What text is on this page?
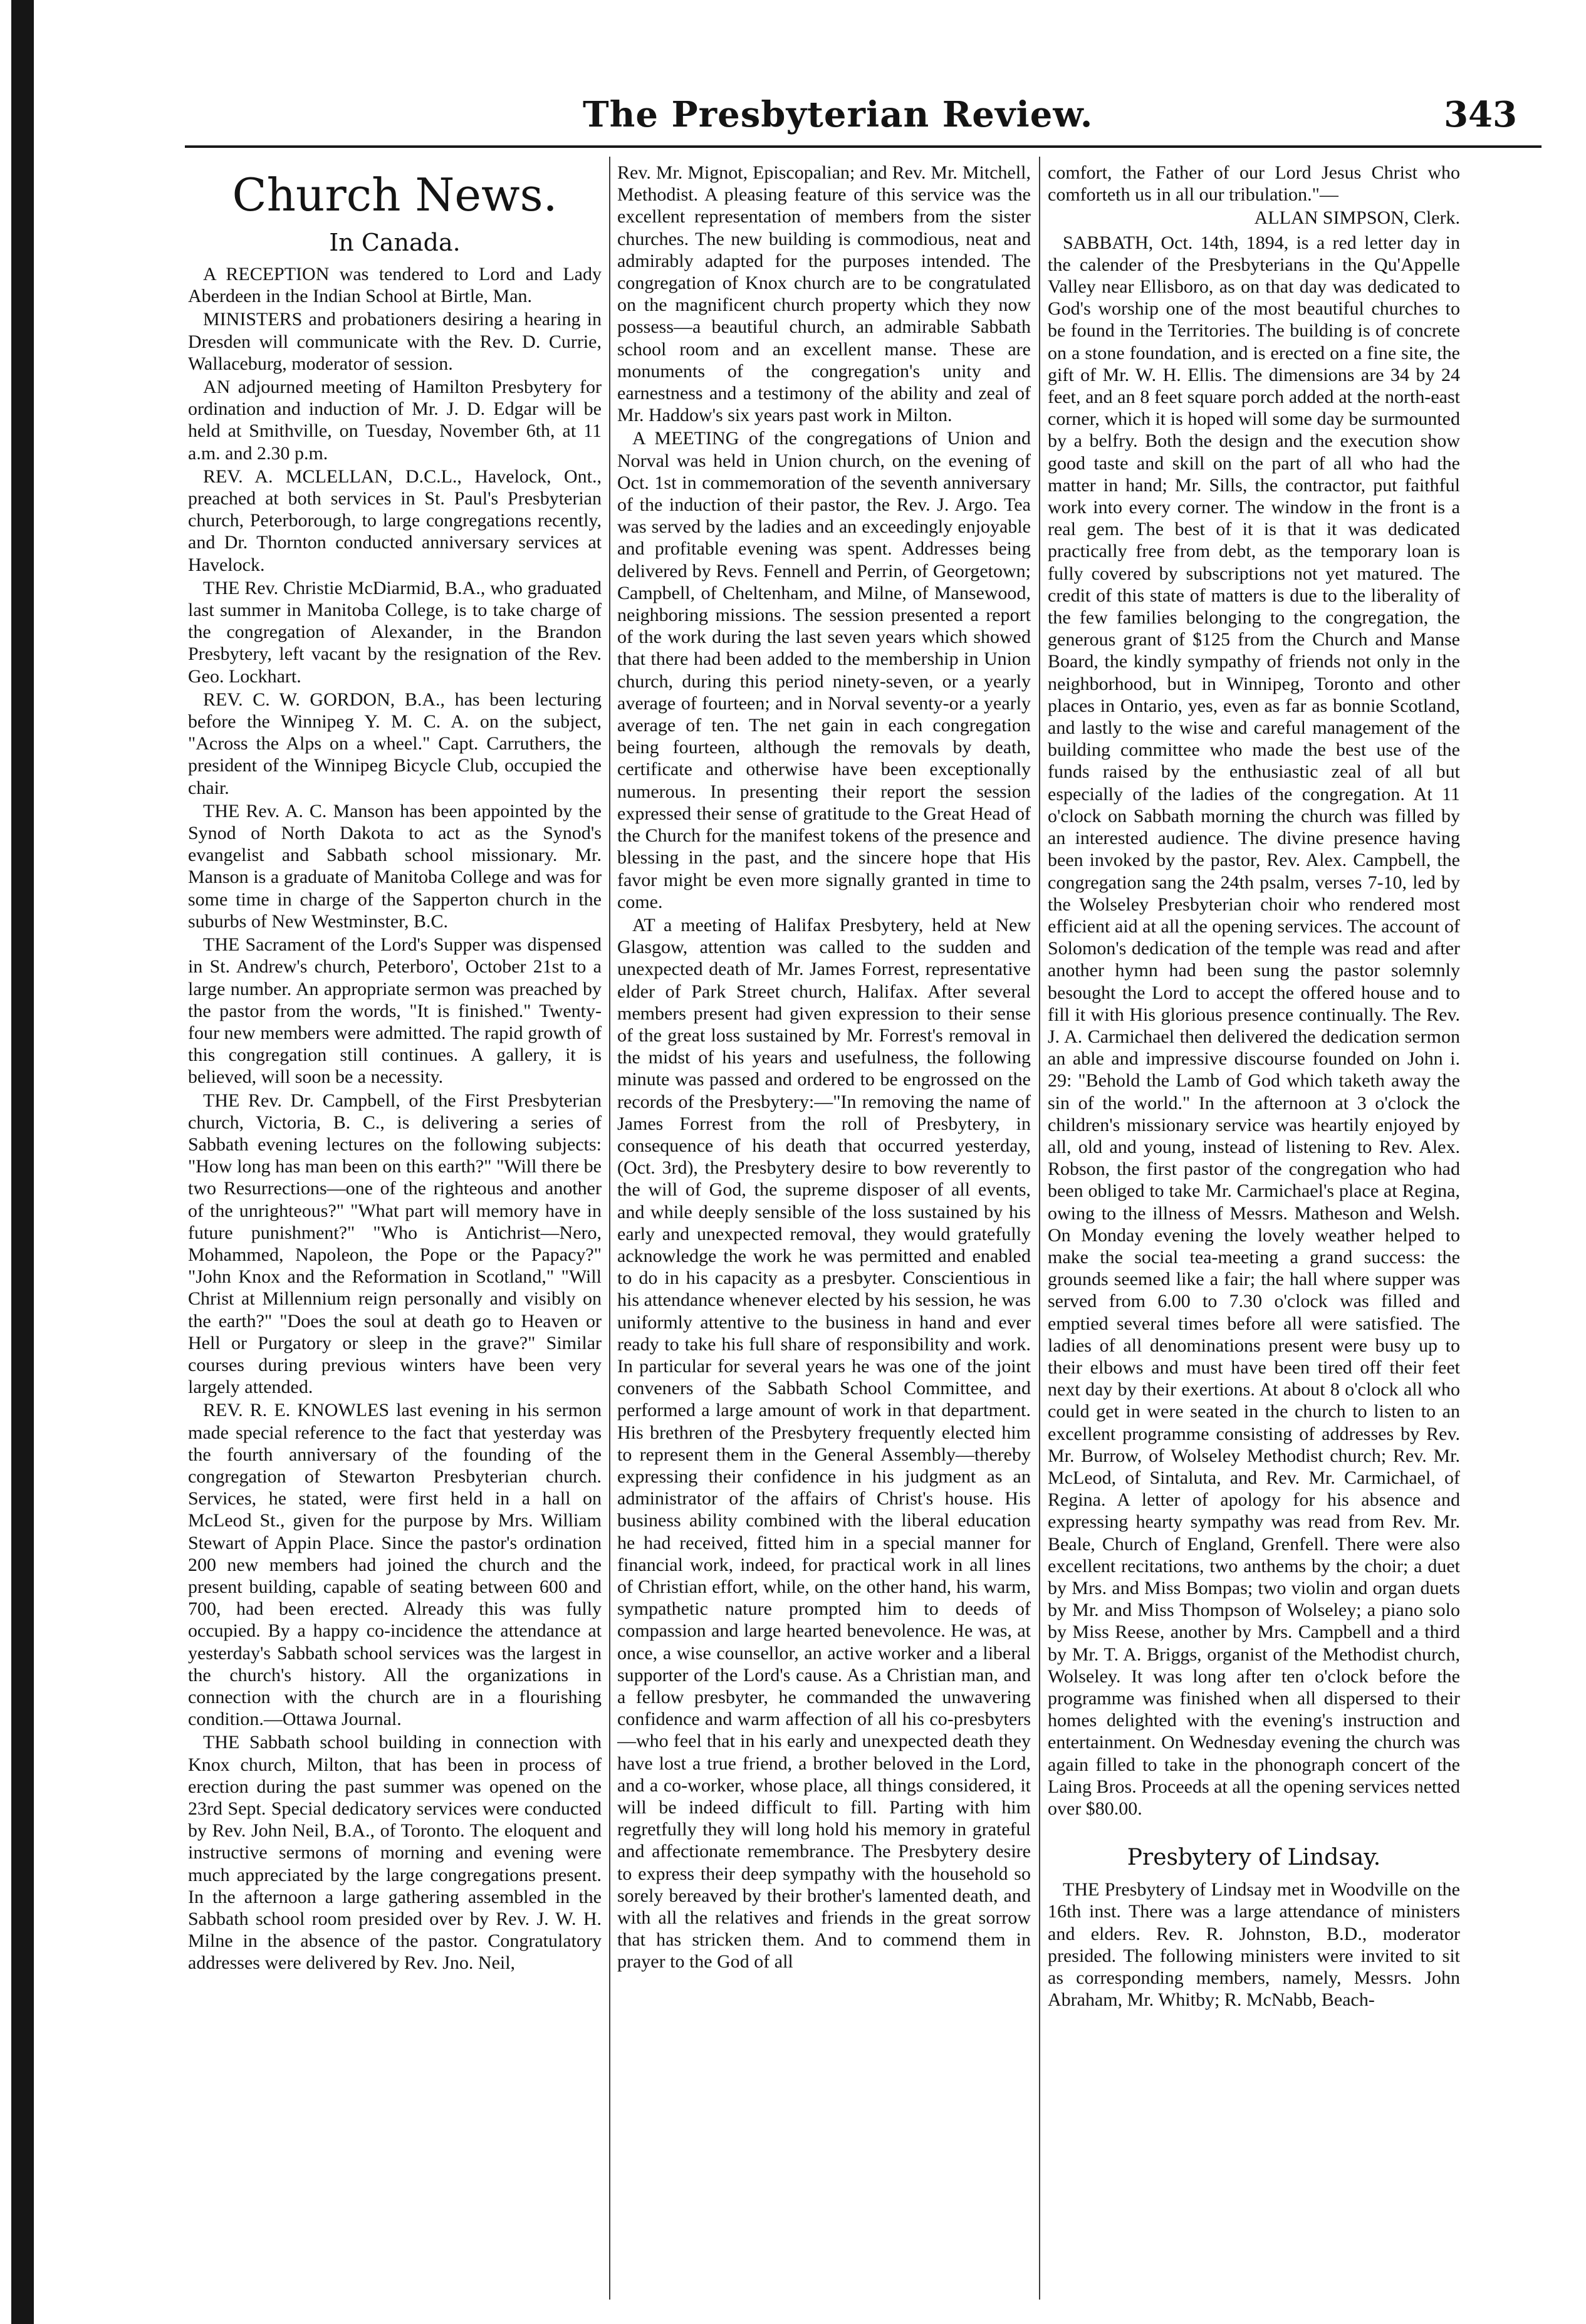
The Presbyterian Review.	343
Church News.
In Canada.

A RECEPTION was tendered to Lord and Lady Aberdeen in the Indian School at Birtle, Man.

MINISTERS and probationers desiring a hearing in Dresden will communicate with the Rev. D. Currie, Wallaceburg, moderator of session.

AN adjourned meeting of Hamilton Presbytery for ordination and induction of Mr. J. D. Edgar will be held at Smithville, on Tuesday, November 6th, at 11 a.m. and 2.30 p.m.

REV. A. MCLELLAN, D.C.L., Havelock, Ont., preached at both services in St. Paul's Presbyterian church, Peterborough, to large congregations recently, and Dr. Thornton conducted anniversary services at Havelock.

THE Rev. Christie McDiarmid, B.A., who graduated last summer in Manitoba College, is to take charge of the congregation of Alexander, in the Brandon Presbytery, left vacant by the resignation of the Rev. Geo. Lockhart.

REV. C. W. GORDON, B.A., has been lecturing before the Winnipeg Y. M. C. A. on the subject, "Across the Alps on a wheel." Capt. Carruthers, the president of the Winnipeg Bicycle Club, occupied the chair.

THE Rev. A. C. Manson has been appointed by the Synod of North Dakota to act as the Synod's evangelist and Sabbath school missionary. Mr. Manson is a graduate of Manitoba College and was for some time in charge of the Sapperton church in the suburbs of New Westminster, B.C.

THE Sacrament of the Lord's Supper was dispensed in St. Andrew's church, Peterboro', October 21st to a large number. An appropriate sermon was preached by the pastor from the words, "It is finished." Twenty-four new members were admitted. The rapid growth of this congregation still continues. A gallery, it is believed, will soon be a necessity.

THE Rev. Dr. Campbell, of the First Presbyterian church, Victoria, B. C., is delivering a series of Sabbath evening lectures on the following subjects: "How long has man been on this earth?" "Will there be two Resurrections—one of the righteous and another of the unrighteous?" "What part will memory have in future punishment?" "Who is Antichrist—Nero, Mohammed, Napoleon, the Pope or the Papacy?" "John Knox and the Reformation in Scotland," "Will Christ at Millennium reign personally and visibly on the earth?" "Does the soul at death go to Heaven or Hell or Purgatory or sleep in the grave?" Similar courses during previous winters have been very largely attended.

REV. R. E. KNOWLES last evening in his sermon made special reference to the fact that yesterday was the fourth anniversary of the founding of the congregation of Stewarton Presbyterian church. Services, he stated, were first held in a hall on McLeod St., given for the purpose by Mrs. William Stewart of Appin Place. Since the pastor's ordination 200 new members had joined the church and the present building, capable of seating between 600 and 700, had been erected. Already this was fully occupied. By a happy co-incidence the attendance at yesterday's Sabbath school services was the largest in the church's history. All the organizations in connection with the church are in a flourishing condition.—Ottawa Journal.

THE Sabbath school building in connection with Knox church, Milton, that has been in process of erection during the past summer was opened on the 23rd Sept. Special dedicatory services were conducted by Rev. John Neil, B.A., of Toronto. The eloquent and instructive sermons of morning and evening were much appreciated by the large congregations present. In the afternoon a large gathering assembled in the Sabbath school room presided over by Rev. J. W. H. Milne in the absence of the pastor. Congratulatory addresses were delivered by Rev. Jno. Neil,

Rev. Mr. Mignot, Episcopalian; and Rev. Mr. Mitchell, Methodist. A pleasing feature of this service was the excellent representation of members from the sister churches. The new building is commodious, neat and admirably adapted for the purposes intended. The congregation of Knox church are to be congratulated on the magnificent church property which they now possess—a beautiful church, an admirable Sabbath school room and an excellent manse. These are monuments of the congregation's unity and earnestness and a testimony of the ability and zeal of Mr. Haddow's six years past work in Milton.

A MEETING of the congregations of Union and Norval was held in Union church, on the evening of Oct. 1st in commemoration of the seventh anniversary of the induction of their pastor, the Rev. J. Argo. Tea was served by the ladies and an exceedingly enjoyable and profitable evening was spent. Addresses being delivered by Revs. Fennell and Perrin, of Georgetown; Campbell, of Cheltenham, and Milne, of Mansewood, neighboring missions. The session presented a report of the work during the last seven years which showed that there had been added to the membership in Union church, during this period ninety-seven, or a yearly average of fourteen; and in Norval seventy-or a yearly average of ten. The net gain in each congregation being fourteen, although the removals by death, certificate and otherwise have been exceptionally numerous. In presenting their report the session expressed their sense of gratitude to the Great Head of the Church for the manifest tokens of the presence and blessing in the past, and the sincere hope that His favor might be even more signally granted in time to come.

AT a meeting of Halifax Presbytery, held at New Glasgow, attention was called to the sudden and unexpected death of Mr. James Forrest, representative elder of Park Street church, Halifax. After several members present had given expression to their sense of the great loss sustained by Mr. Forrest's removal in the midst of his years and usefulness, the following minute was passed and ordered to be engrossed on the records of the Presbytery:—"In removing the name of James Forrest from the roll of Presbytery, in consequence of his death that occurred yesterday, (Oct. 3rd), the Presbytery desire to bow reverently to the will of God, the supreme disposer of all events, and while deeply sensible of the loss sustained by his early and unexpected removal, they would gratefully acknowledge the work he was permitted and enabled to do in his capacity as a presbyter. Conscientious in his attendance whenever elected by his session, he was uniformly attentive to the business in hand and ever ready to take his full share of responsibility and work. In particular for several years he was one of the joint conveners of the Sabbath School Committee, and performed a large amount of work in that department. His brethren of the Presbytery frequently elected him to represent them in the General Assembly—thereby expressing their confidence in his judgment as an administrator of the affairs of Christ's house. His business ability combined with the liberal education he had received, fitted him in a special manner for financial work, indeed, for practical work in all lines of Christian effort, while, on the other hand, his warm, sympathetic nature prompted him to deeds of compassion and large hearted benevolence. He was, at once, a wise counsellor, an active worker and a liberal supporter of the Lord's cause. As a Christian man, and a fellow presbyter, he commanded the unwavering confidence and warm affection of all his co-presbyters—who feel that in his early and unexpected death they have lost a true friend, a brother beloved in the Lord, and a co-worker, whose place, all things considered, it will be indeed difficult to fill. Parting with him regretfully they will long hold his memory in grateful and affectionate remembrance. The Presbytery desire to express their deep sympathy with the household so sorely bereaved by their brother's lamented death, and with all the relatives and friends in the great sorrow that has stricken them. And to commend them in prayer to the God of all

comfort, the Father of our Lord Jesus Christ who comforteth us in all our tribulation."—

ALLAN SIMPSON, Clerk.

SABBATH, Oct. 14th, 1894, is a red letter day in the calender of the Presbyterians in the Qu'Appelle Valley near Ellisboro, as on that day was dedicated to God's worship one of the most beautiful churches to be found in the Territories. The building is of concrete on a stone foundation, and is erected on a fine site, the gift of Mr. W. H. Ellis. The dimensions are 34 by 24 feet, and an 8 feet square porch added at the north-east corner, which it is hoped will some day be surmounted by a belfry. Both the design and the execution show good taste and skill on the part of all who had the matter in hand; Mr. Sills, the contractor, put faithful work into every corner. The window in the front is a real gem. The best of it is that it was dedicated practically free from debt, as the temporary loan is fully covered by subscriptions not yet matured. The credit of this state of matters is due to the liberality of the few families belonging to the congregation, the generous grant of $125 from the Church and Manse Board, the kindly sympathy of friends not only in the neighborhood, but in Winnipeg, Toronto and other places in Ontario, yes, even as far as bonnie Scotland, and lastly to the wise and careful management of the building committee who made the best use of the funds raised by the enthusiastic zeal of all but especially of the ladies of the congregation. At 11 o'clock on Sabbath morning the church was filled by an interested audience. The divine presence having been invoked by the pastor, Rev. Alex. Campbell, the congregation sang the 24th psalm, verses 7-10, led by the Wolseley Presbyterian choir who rendered most efficient aid at all the opening services. The account of Solomon's dedication of the temple was read and after another hymn had been sung the pastor solemnly besought the Lord to accept the offered house and to fill it with His glorious presence continually. The Rev. J. A. Carmichael then delivered the dedication sermon an able and impressive discourse founded on John i. 29: "Behold the Lamb of God which taketh away the sin of the world." In the afternoon at 3 o'clock the children's missionary service was heartily enjoyed by all, old and young, instead of listening to Rev. Alex. Robson, the first pastor of the congregation who had been obliged to take Mr. Carmichael's place at Regina, owing to the illness of Messrs. Matheson and Welsh. On Monday evening the lovely weather helped to make the social tea-meeting a grand success: the grounds seemed like a fair; the hall where supper was served from 6.00 to 7.30 o'clock was filled and emptied several times before all were satisfied. The ladies of all denominations present were busy up to their elbows and must have been tired off their feet next day by their exertions. At about 8 o'clock all who could get in were seated in the church to listen to an excellent programme consisting of addresses by Rev. Mr. Burrow, of Wolseley Methodist church; Rev. Mr. McLeod, of Sintaluta, and Rev. Mr. Carmichael, of Regina. A letter of apology for his absence and expressing hearty sympathy was read from Rev. Mr. Beale, Church of England, Grenfell. There were also excellent recitations, two anthems by the choir; a duet by Mrs. and Miss Bompas; two violin and organ duets by Mr. and Miss Thompson of Wolseley; a piano solo by Miss Reese, another by Mrs. Campbell and a third by Mr. T. A. Briggs, organist of the Methodist church, Wolseley. It was long after ten o'clock before the programme was finished when all dispersed to their homes delighted with the evening's instruction and entertainment. On Wednesday evening the church was again filled to take in the phonograph concert of the Laing Bros. Proceeds at all the opening services netted over $80.00.

Presbytery of Lindsay.

THE Presbytery of Lindsay met in Woodville on the 16th inst. There was a large attendance of ministers and elders. Rev. R. Johnston, B.D., moderator presided. The following ministers were invited to sit as corresponding members, namely, Messrs. John Abraham, Mr. Whitby; R. McNabb, Beach-
